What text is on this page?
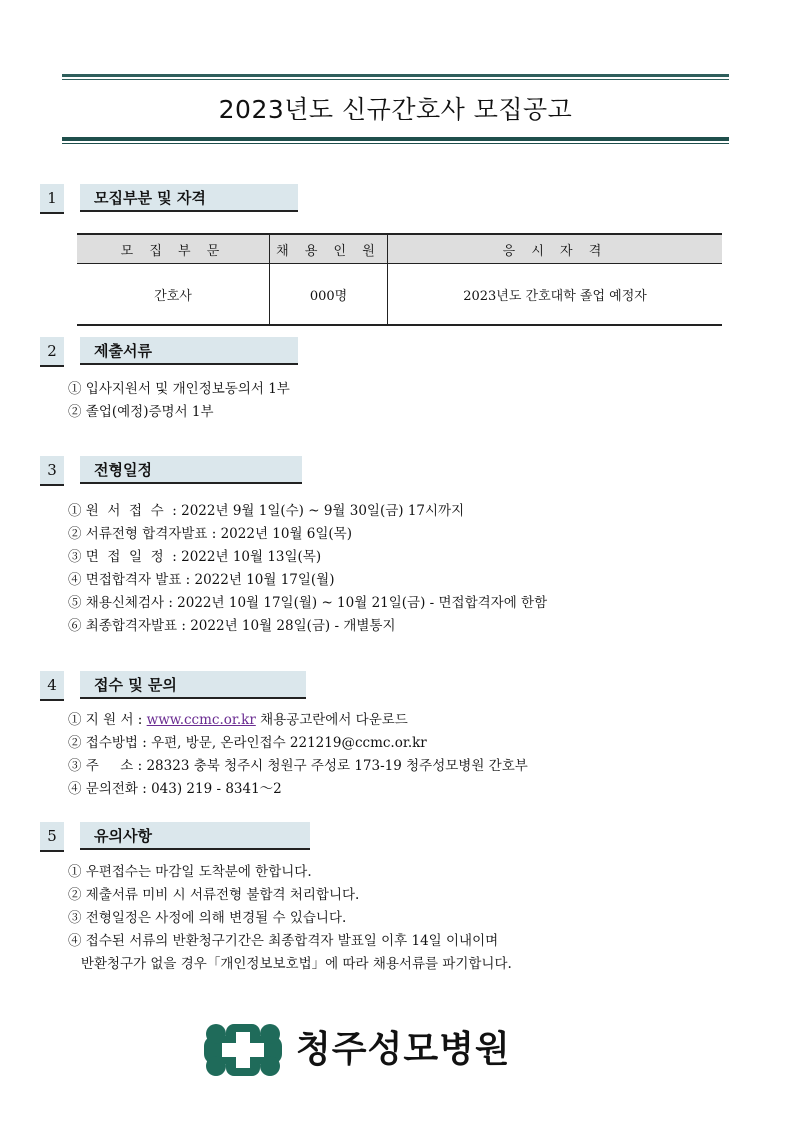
2023년도 신규간호사 모집공고
1	모집부분 및 자격
모 집 부 문	채 용 인 원	응 시 자 격
간호사	000명	2023년도 간호대학 졸업 예정자
2	제출서류
① 입사지원서 및 개인정보동의서 1부
② 졸업(예정)증명서 1부
3	전형일정
① 원  서  접  수  : 2022년 9월 1일(수) ~ 9월 30일(금) 17시까지
② 서류전형 합격자발표 : 2022년 10월 6일(목)
③ 면  접  일  정  : 2022년 10월 13일(목)
④ 면접합격자 발표 : 2022년 10월 17일(월)
⑤ 채용신체검사 : 2022년 10월 17일(월) ~ 10월 21일(금) - 면접합격자에 한함
⑥ 최종합격자발표 : 2022년 10월 28일(금) - 개별통지
4	접수 및 문의
① 지 원 서 : www.ccmc.or.kr 채용공고란에서 다운로드
② 접수방법 : 우편, 방문, 온라인접수 221219@ccmc.or.kr
③ 주     소 : 28323 충북 청주시 청원구 주성로 173-19 청주성모병원 간호부
④ 문의전화 : 043) 219 - 8341～2
5	유의사항
① 우편접수는 마감일 도착분에 한합니다.
② 제출서류 미비 시 서류전형 불합격 처리합니다.
③ 전형일정은 사정에 의해 변경될 수 있습니다.
④ 접수된 서류의 반환청구기간은 최종합격자 발표일 이후 14일 이내이며
반환청구가 없을 경우「개인정보보호법」에 따라 채용서류를 파기합니다.
청주성모병원
